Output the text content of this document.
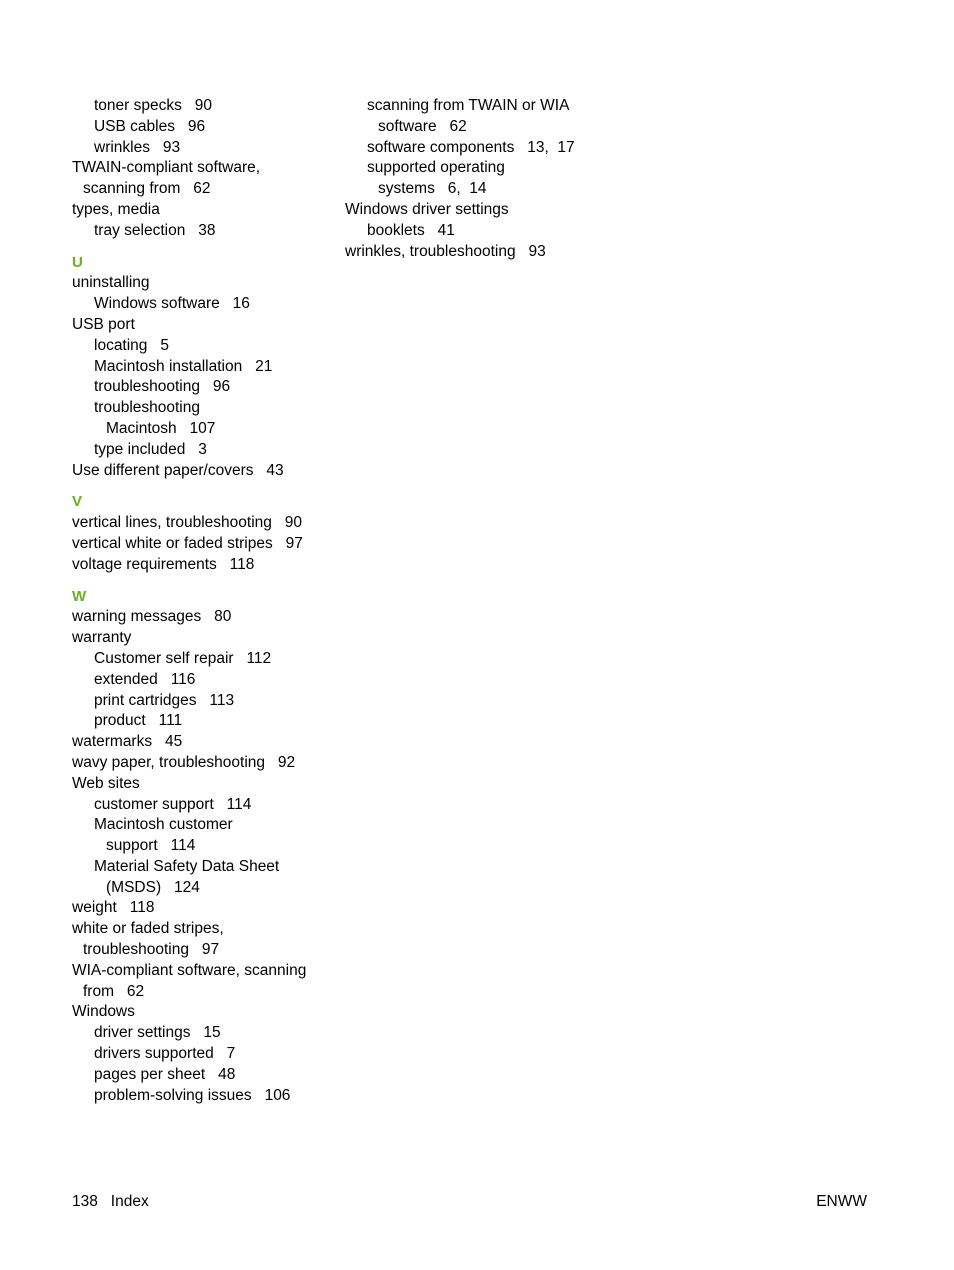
toner specks   90
USB cables   96
wrinkles   93
TWAIN-compliant software,
scanning from   62
types, media
tray selection   38
U
uninstalling
Windows software   16
USB port
locating   5
Macintosh installation   21
troubleshooting   96
troubleshooting
Macintosh   107
type included   3
Use different paper/covers   43
V
vertical lines, troubleshooting   90
vertical white or faded stripes   97
voltage requirements   118
W
warning messages   80
warranty
Customer self repair   112
extended   116
print cartridges   113
product   111
watermarks   45
wavy paper, troubleshooting   92
Web sites
customer support   114
Macintosh customer
support   114
Material Safety Data Sheet
(MSDS)   124
weight   118
white or faded stripes,
troubleshooting   97
WIA-compliant software, scanning
from   62
Windows
driver settings   15
drivers supported   7
pages per sheet   48
problem-solving issues   106
scanning from TWAIN or WIA
software   62
software components   13,  17
supported operating
systems   6,  14
Windows driver settings
booklets   41
wrinkles, troubleshooting   93
138   Index	ENWW
